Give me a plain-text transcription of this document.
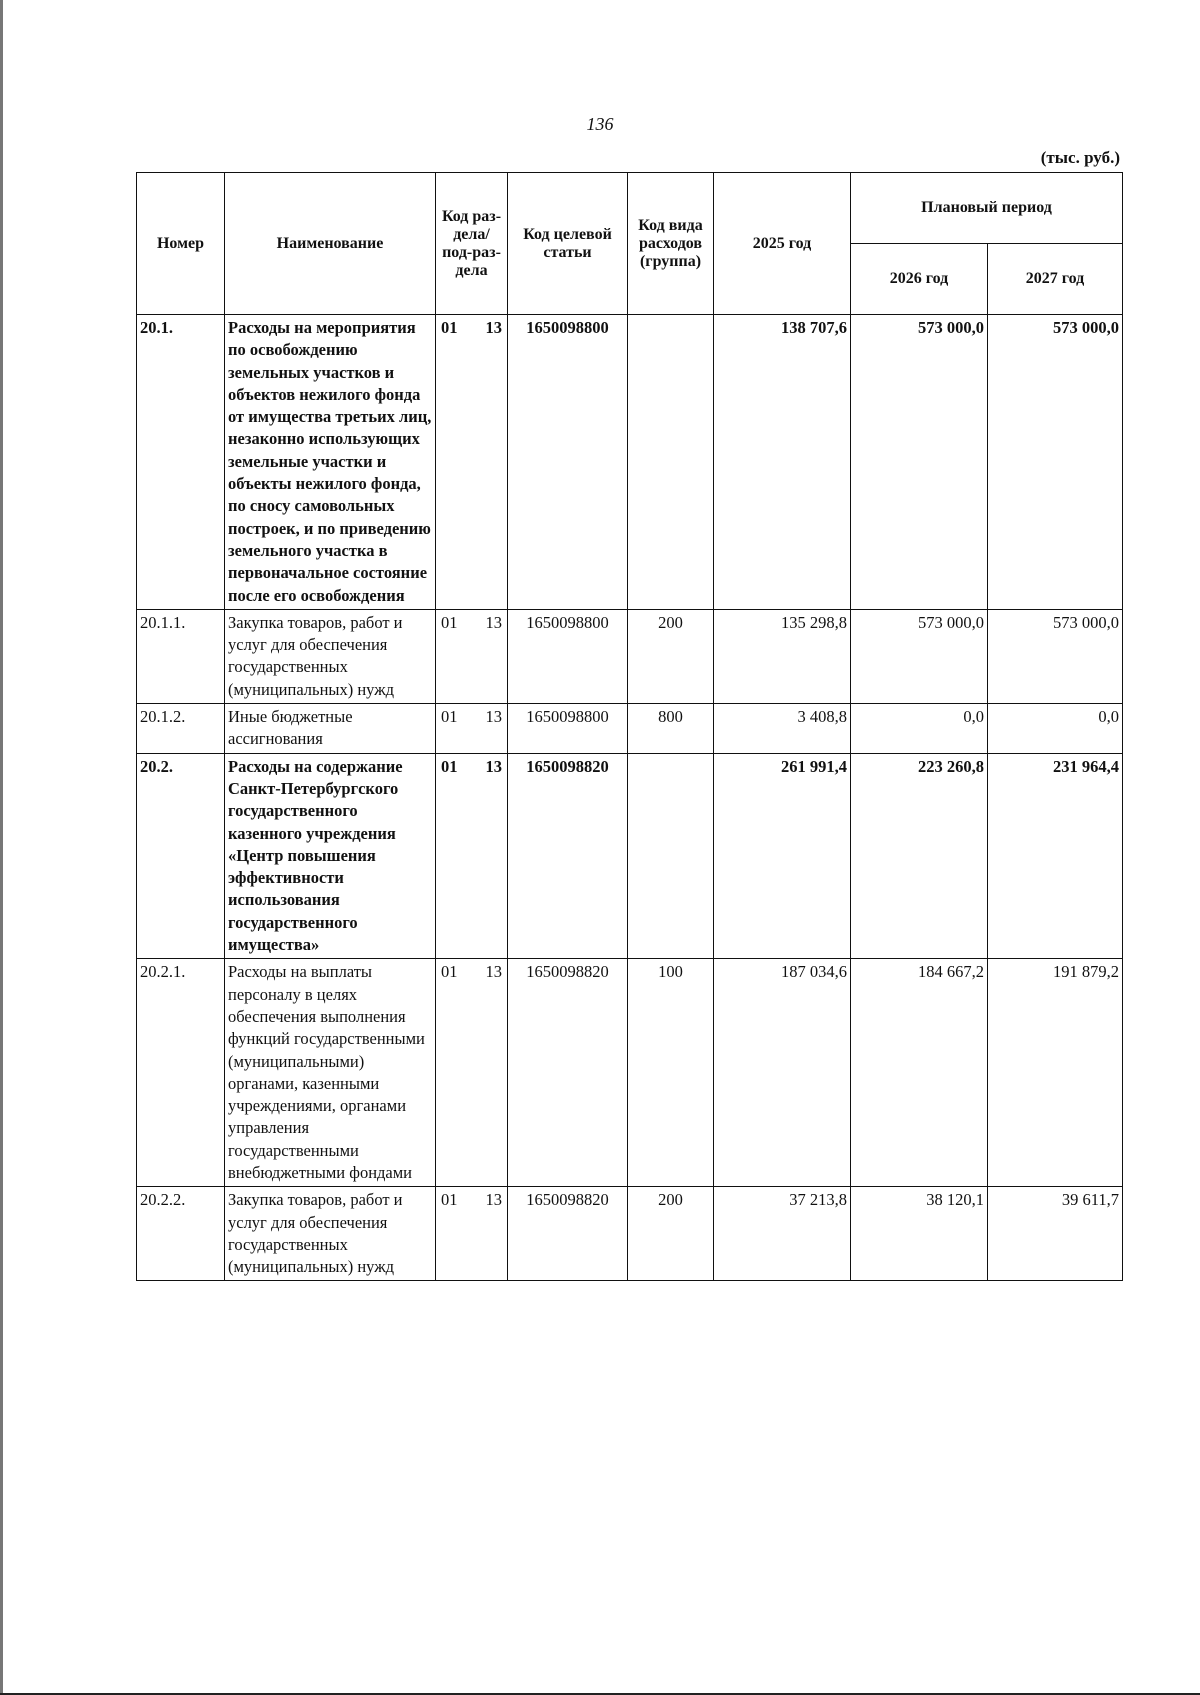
136
(тыс. руб.)
Номер	Наименование	Код раз-дела/ под-раз-дела	Код целевой статьи	Код вида расходов (группа)	2025 год	Плановый период	
						2026 год	2027 год
20.1.	Расходы на мероприятия по освобождению земельных участков и объектов нежилого фонда от имущества третьих лиц, незаконно использующих земельные участки и объекты нежилого фонда, по сносу самовольных построек, и по приведению земельного участка в первоначальное состояние после его освобождения	01 13	1650098800		138 707,6	573 000,0	573 000,0
20.1.1.	Закупка товаров, работ и услуг для обеспечения государственных (муниципальных) нужд	01 13	1650098800	200	135 298,8	573 000,0	573 000,0
20.1.2.	Иные бюджетные ассигнования	01 13	1650098800	800	3 408,8	0,0	0,0
20.2.	Расходы на содержание Санкт-Петербургского государственного казенного учреждения «Центр повышения эффективности использования государственного имущества»	01 13	1650098820		261 991,4	223 260,8	231 964,4
20.2.1.	Расходы на выплаты персоналу в целях обеспечения выполнения функций государственными (муниципальными) органами, казенными учреждениями, органами управления государственными внебюджетными фондами	01 13	1650098820	100	187 034,6	184 667,2	191 879,2
20.2.2.	Закупка товаров, работ и услуг для обеспечения государственных (муниципальных) нужд	01 13	1650098820	200	37 213,8	38 120,1	39 611,7
